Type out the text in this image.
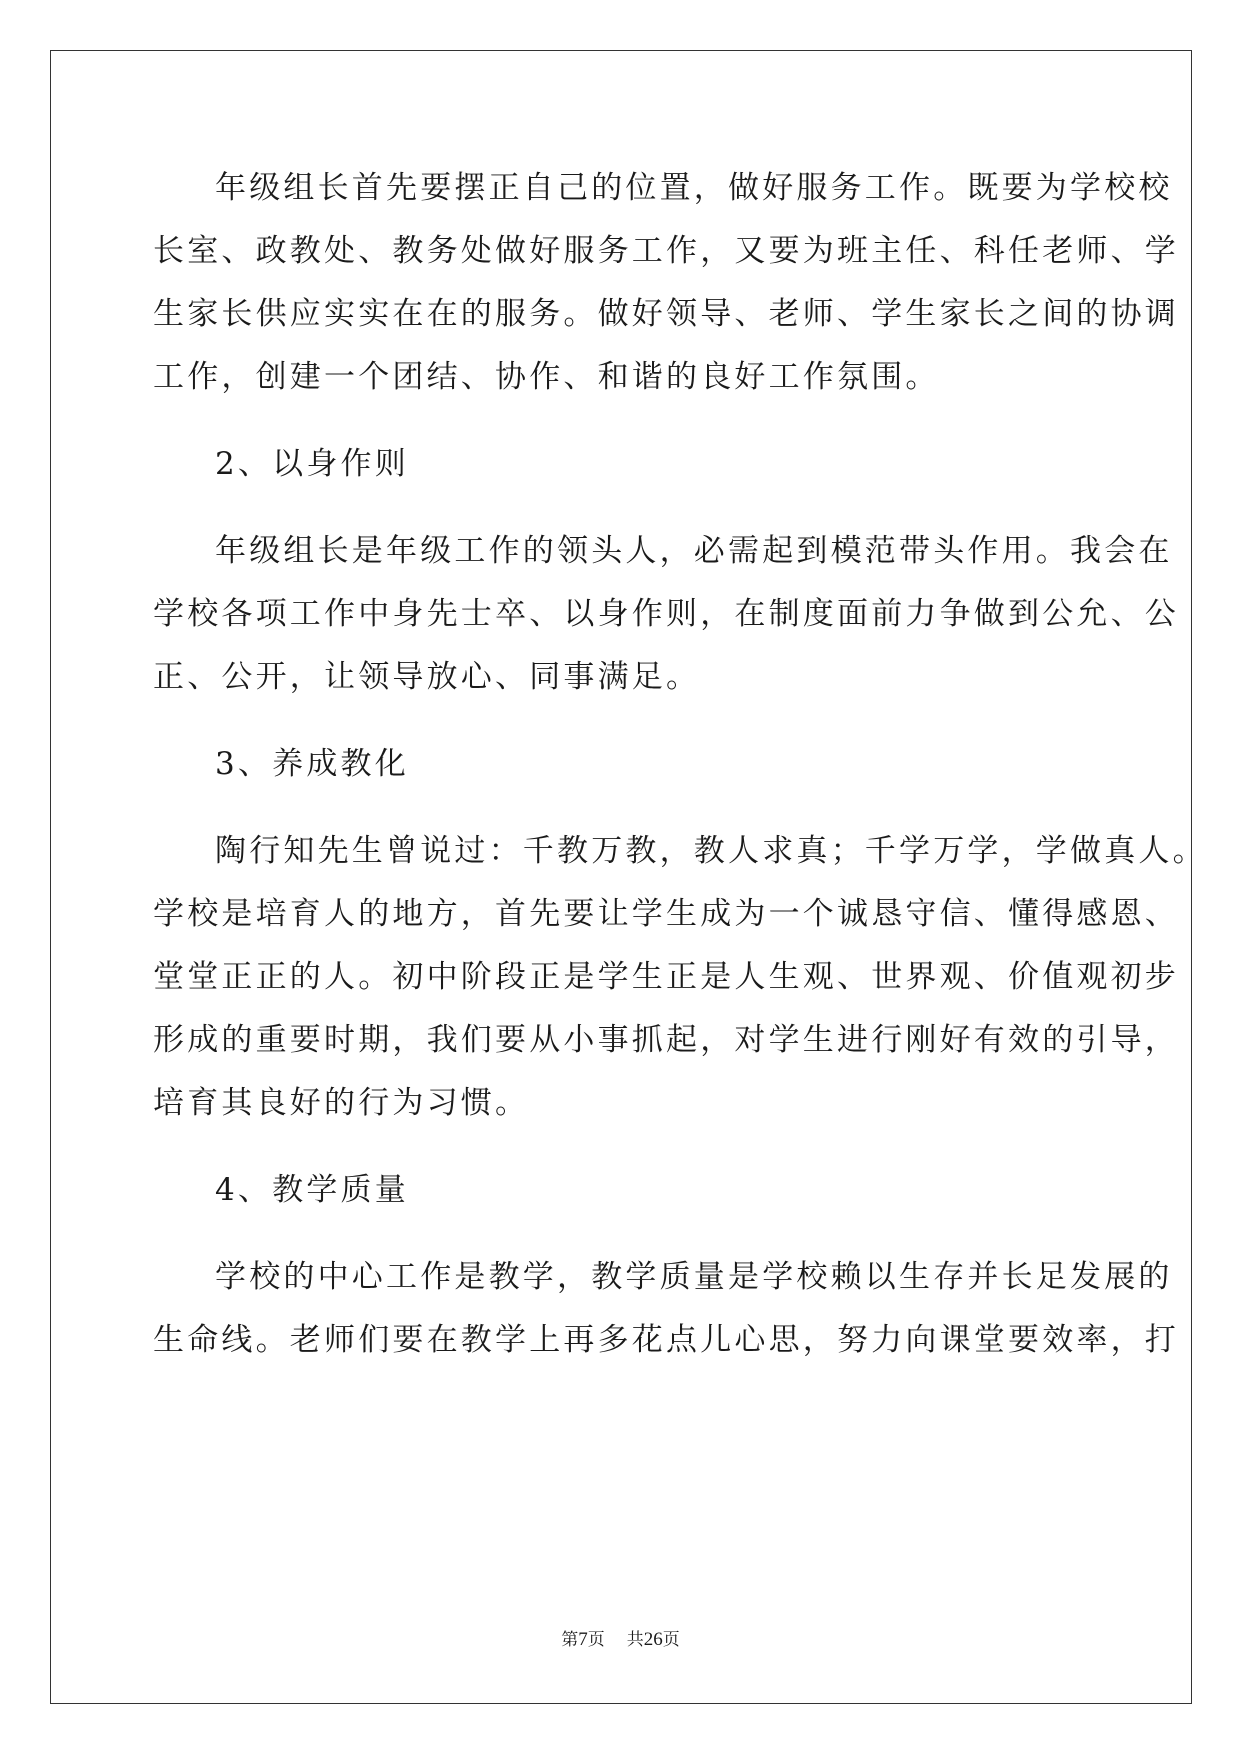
年级组长首先要摆正自己的位置，做好服务工作。既要为学校校
长室、政教处、教务处做好服务工作，又要为班主任、科任老师、学
生家长供应实实在在的服务。做好领导、老师、学生家长之间的协调
工作，创建一个团结、协作、和谐的良好工作氛围。
2、以身作则
年级组长是年级工作的领头人，必需起到模范带头作用。我会在
学校各项工作中身先士卒、以身作则，在制度面前力争做到公允、公
正、公开，让领导放心、同事满足。
3、养成教化
陶行知先生曾说过：千教万教，教人求真；千学万学，学做真人。
学校是培育人的地方，首先要让学生成为一个诚恳守信、懂得感恩、
堂堂正正的人。初中阶段正是学生正是人生观、世界观、价值观初步
形成的重要时期，我们要从小事抓起，对学生进行刚好有效的引导，
培育其良好的行为习惯。
4、教学质量
学校的中心工作是教学，教学质量是学校赖以生存并长足发展的
生命线。老师们要在教学上再多花点儿心思，努力向课堂要效率，打
第7页 共26页
